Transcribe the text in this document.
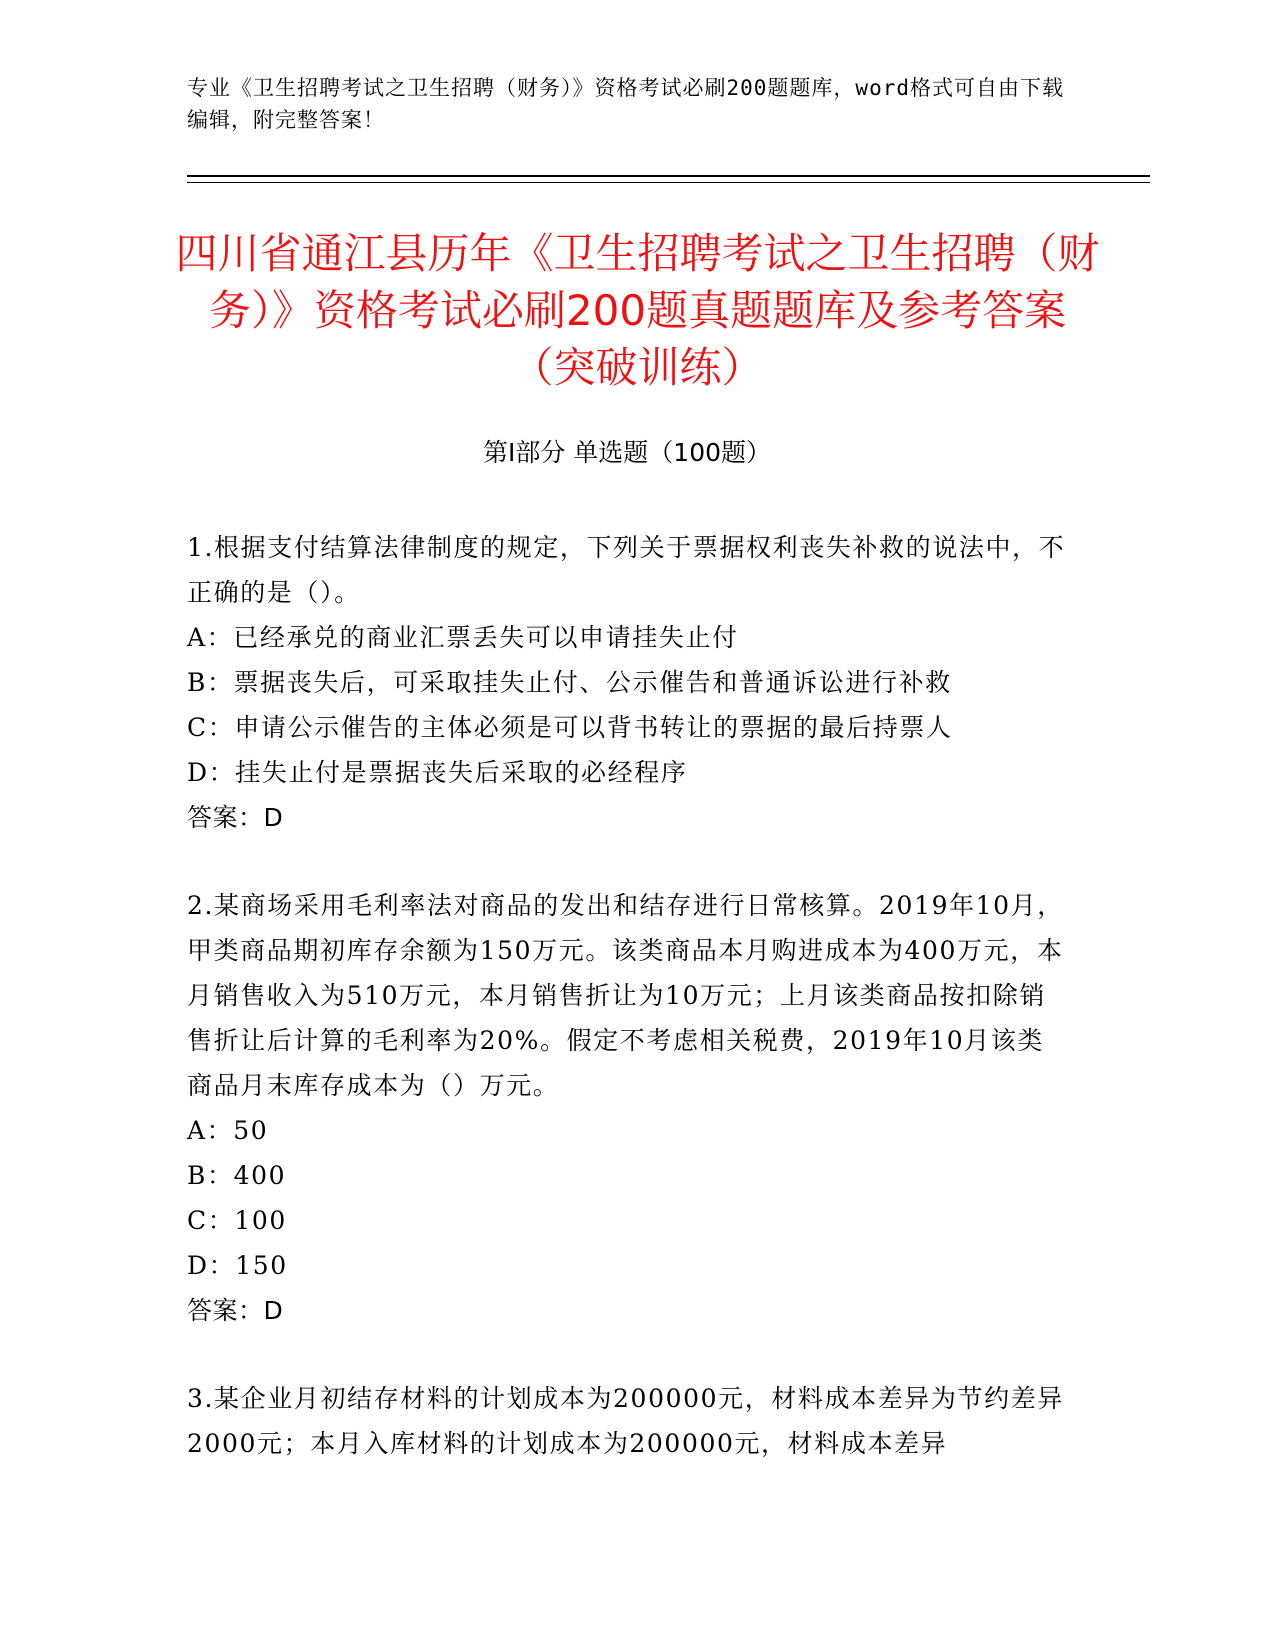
专业《卫生招聘考试之卫生招聘（财务）》资格考试必刷200题题库，word格式可自由下载编辑，附完整答案！
四川省通江县历年《卫生招聘考试之卫生招聘（财务）》资格考试必刷200题真题题库及参考答案（突破训练）
第Ⅰ部分 单选题（100题）

1.根据支付结算法律制度的规定，下列关于票据权利丧失补救的说法中，不正确的是（）。

A：已经承兑的商业汇票丢失可以申请挂失止付

B：票据丧失后，可采取挂失止付、公示催告和普通诉讼进行补救

C：申请公示催告的主体必须是可以背书转让的票据的最后持票人

D：挂失止付是票据丧失后采取的必经程序

答案：D

2.某商场采用毛利率法对商品的发出和结存进行日常核算。2019年10月，甲类商品期初库存余额为150万元。该类商品本月购进成本为400万元，本月销售收入为510万元，本月销售折让为10万元；上月该类商品按扣除销售折让后计算的毛利率为20%。假定不考虑相关税费，2019年10月该类商品月末库存成本为（）万元。

A：50

B：400

C：100

D：150

答案：D

3.某企业月初结存材料的计划成本为200000元，材料成本差异为节约差异2000元；本月入库材料的计划成本为200000元，材料成本差异
